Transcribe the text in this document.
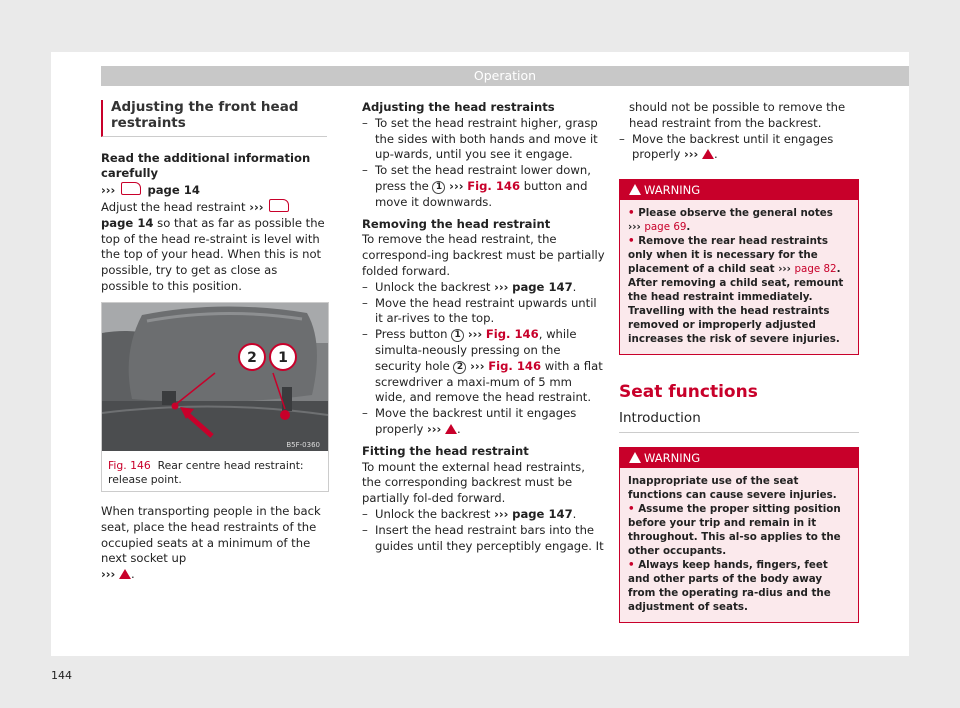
Operation

Adjusting the front head restraints

Read the additional information carefully
›››	page 14

Adjust the head restraint ›››  page 14 so that as far as possible the top of the head re-straint is level with the top of your head. When this is not possible, try to get as close as possible to this position.

2 1
B5F-0360
Fig. 146 Rear centre head restraint: release point.

When transporting people in the back seat, place the head restraints of the occupied seats at a minimum of the next socket up
››› .

Adjusting the head restraints

– To set the head restraint higher, grasp the sides with both hands and move it up-wards, until you see it engage.
– To set the head restraint lower down, press the 1 ››› Fig. 146 button and move it downwards.

Removing the head restraint

To remove the head restraint, the correspond-ing backrest must be partially folded forward.

– Unlock the backrest ››› page 147.
– Move the head restraint upwards until it ar-rives to the top.
– Press button 1 ››› Fig. 146, while simulta-neously pressing on the security hole 2 ››› Fig. 146 with a flat screwdriver a maxi-mum of 5 mm wide, and remove the head restraint.
– Move the backrest until it engages properly ››› .

Fitting the head restraint

To mount the external head restraints, the corresponding backrest must be partially fol-ded forward.

– Unlock the backrest ››› page 147.
– Insert the head restraint bars into the guides until they perceptibly engage. It

should not be possible to remove the head restraint from the backrest.

– Move the backrest until it engages properly ››› .
WARNING
• Please observe the general notes
››› page 69.
• Remove the rear head restraints only when it is necessary for the placement of a child seat ››› page 82. After removing a child seat, remount the head restraint immediately. Travelling with the head restraints removed or improperly adjusted increases the risk of severe injuries.

Seat functions

Introduction

WARNING
Inappropriate use of the seat functions can cause severe injuries.
• Assume the proper sitting position before your trip and remain in it throughout. This al-so applies to the other occupants.
• Always keep hands, fingers, feet and other parts of the body away from the operating ra-dius and the adjustment of seats.
144
